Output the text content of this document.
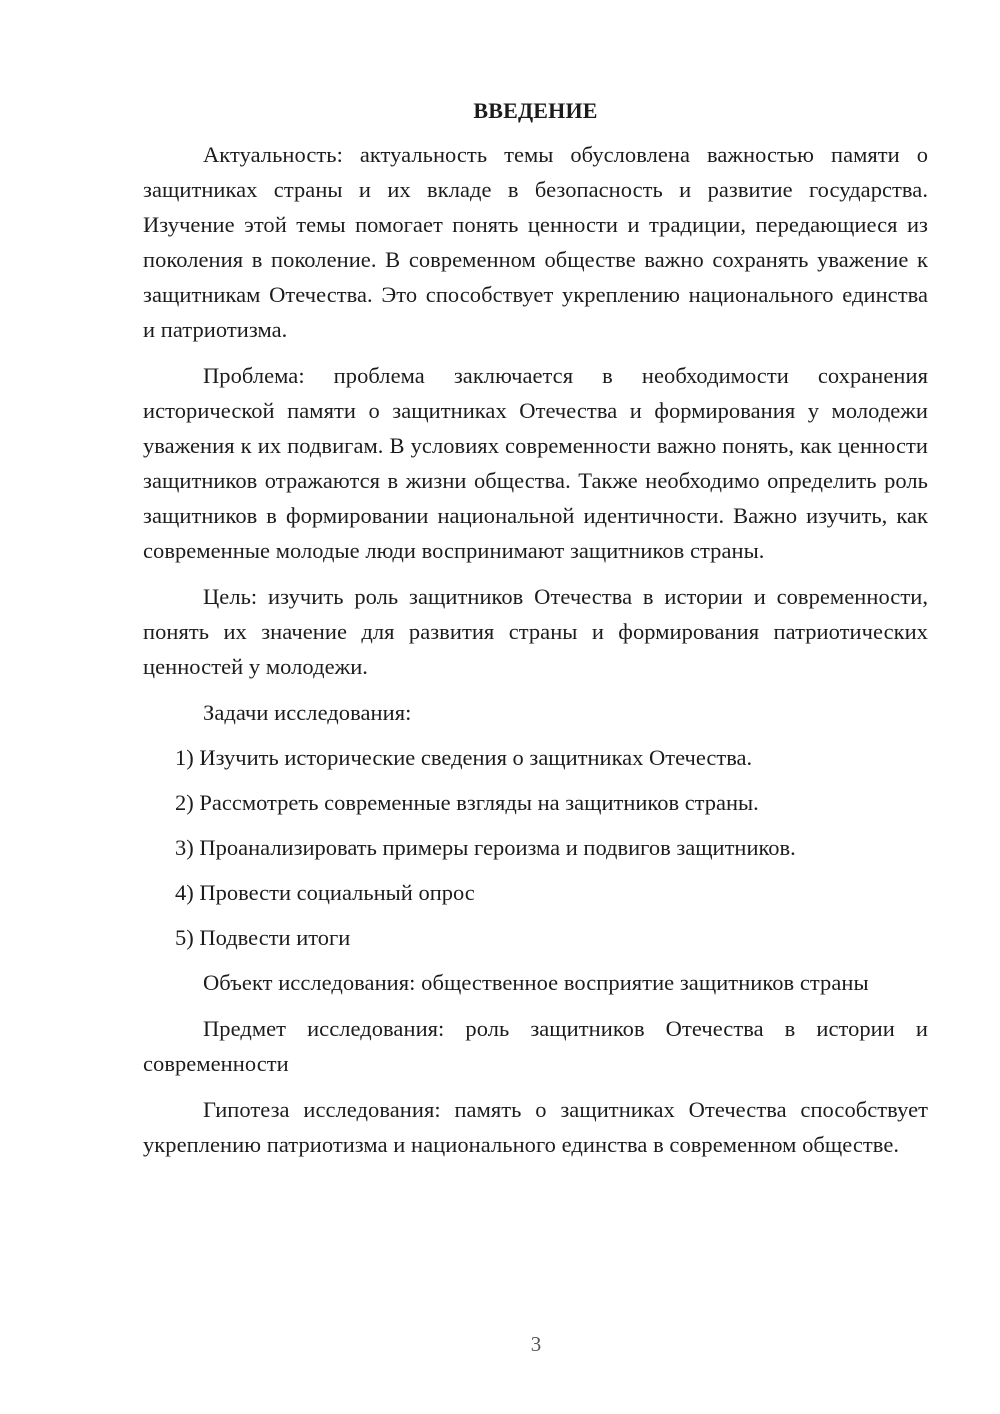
ВВЕДЕНИЕ

Актуальность: актуальность темы обусловлена важностью памяти о защитниках страны и их вкладе в безопасность и развитие государства. Изучение этой темы помогает понять ценности и традиции, передающиеся из поколения в поколение. В современном обществе важно сохранять уважение к защитникам Отечества. Это способствует укреплению национального единства и патриотизма.

Проблема: проблема заключается в необходимости сохранения исторической памяти о защитниках Отечества и формирования у молодежи уважения к их подвигам. В условиях современности важно понять, как ценности защитников отражаются в жизни общества. Также необходимо определить роль защитников в формировании национальной идентичности. Важно изучить, как современные молодые люди воспринимают защитников страны.

Цель: изучить роль защитников Отечества в истории и современности, понять их значение для развития страны и формирования патриотических ценностей у молодежи.

Задачи исследования:

1) Изучить исторические сведения о защитниках Отечества.
2) Рассмотреть современные взгляды на защитников страны.
3) Проанализировать примеры героизма и подвигов защитников.
4) Провести социальный опрос
5) Подвести итоги

Объект исследования: общественное восприятие защитников страны

Предмет исследования: роль защитников Отечества в истории и современности

Гипотеза исследования: память о защитниках Отечества способствует укреплению патриотизма и национального единства в современном обществе.

3
